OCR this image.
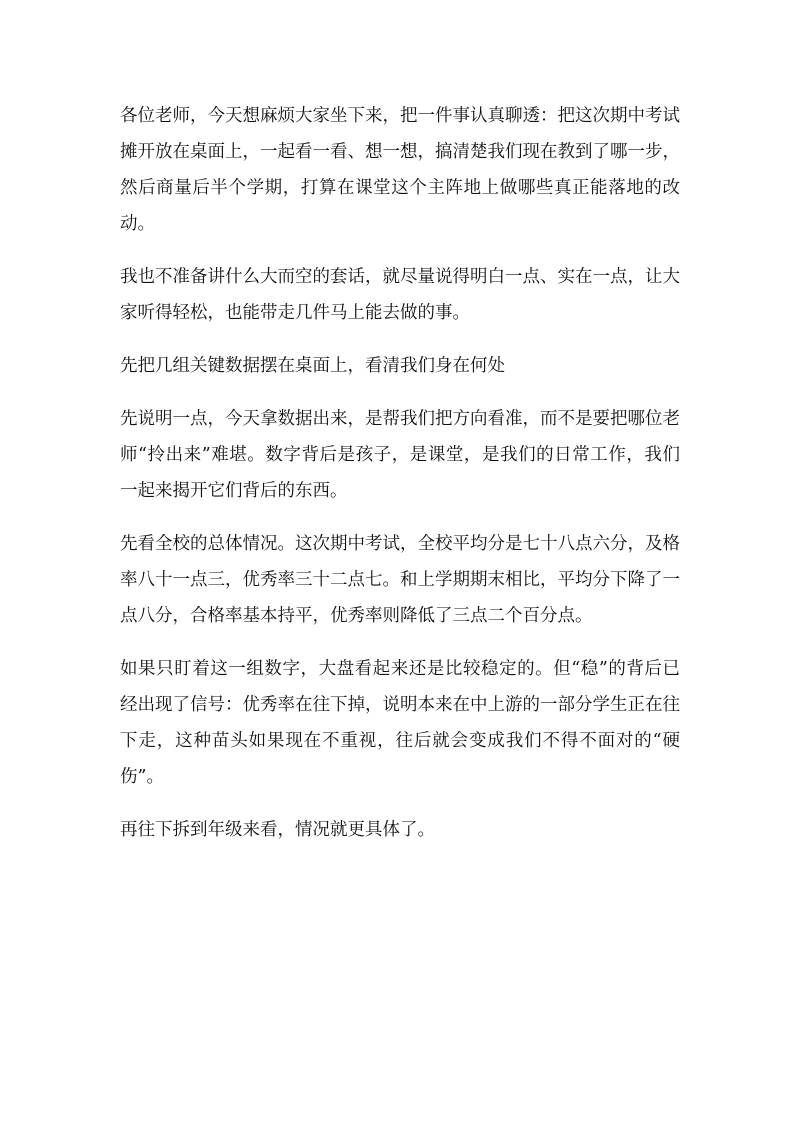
各位老师，今天想麻烦大家坐下来，把一件事认真聊透：把这次期中考试摊开放在桌面上，一起看一看、想一想，搞清楚我们现在教到了哪一步，然后商量后半个学期，打算在课堂这个主阵地上做哪些真正能落地的改动。

我也不准备讲什么大而空的套话，就尽量说得明白一点、实在一点，让大家听得轻松，也能带走几件马上能去做的事。

先把几组关键数据摆在桌面上，看清我们身在何处

先说明一点，今天拿数据出来，是帮我们把方向看准，而不是要把哪位老师“拎出来”难堪。数字背后是孩子，是课堂，是我们的日常工作，我们一起来揭开它们背后的东西。

先看全校的总体情况。这次期中考试，全校平均分是七十八点六分，及格率八十一点三，优秀率三十二点七。和上学期期末相比，平均分下降了一点八分，合格率基本持平，优秀率则降低了三点二个百分点。

如果只盯着这一组数字，大盘看起来还是比较稳定的。但“稳”的背后已经出现了信号：优秀率在往下掉，说明本来在中上游的一部分学生正在往下走，这种苗头如果现在不重视，往后就会变成我们不得不面对的“硬伤”。

再往下拆到年级来看，情况就更具体了。
